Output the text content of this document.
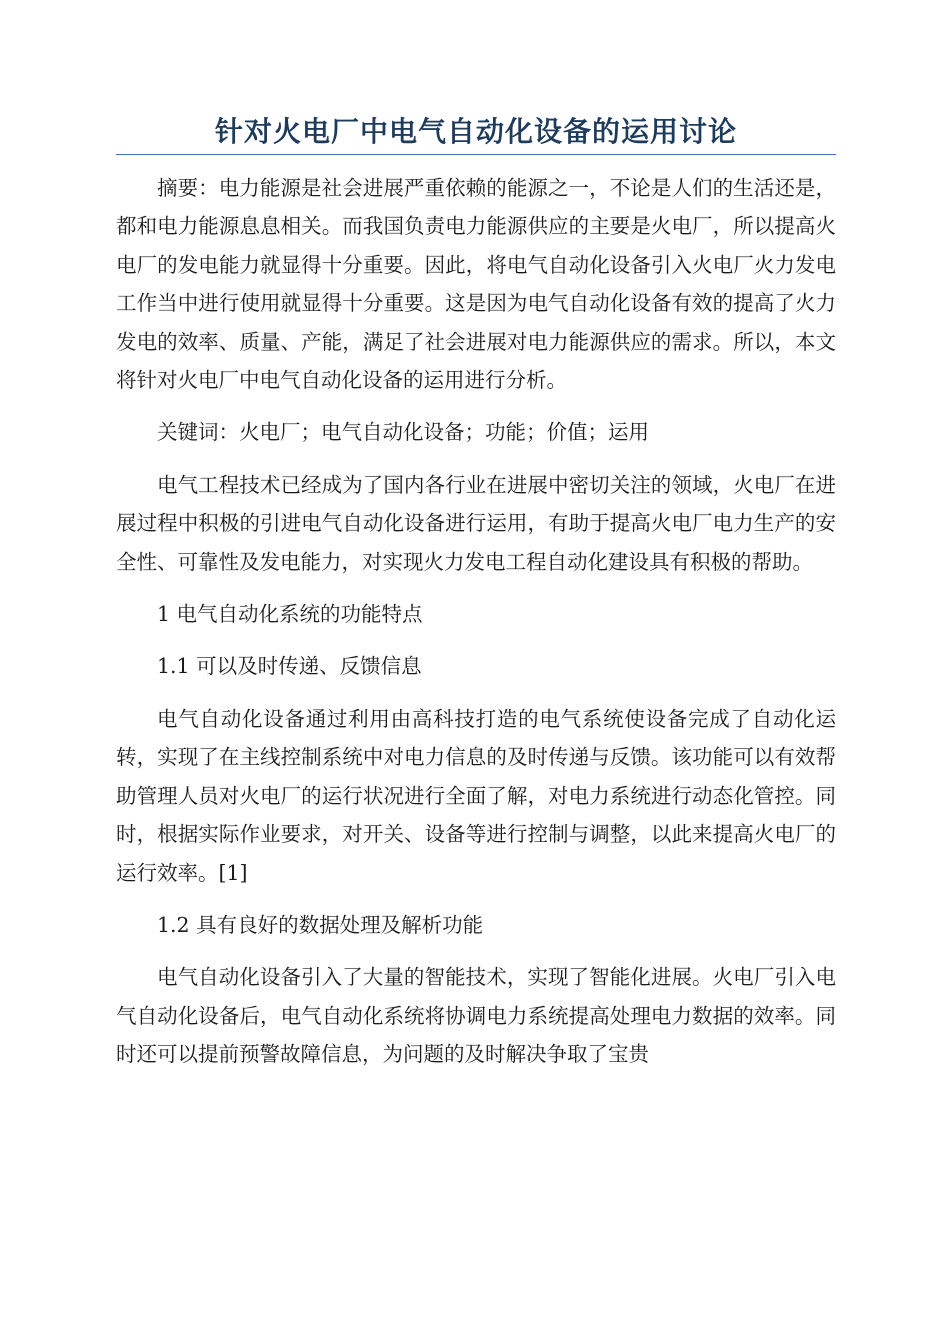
针对火电厂中电气自动化设备的运用讨论

摘要：电力能源是社会进展严重依赖的能源之一，不论是人们的生活还是，都和电力能源息息相关。而我国负责电力能源供应的主要是火电厂，所以提高火电厂的发电能力就显得十分重要。因此，将电气自动化设备引入火电厂火力发电工作当中进行使用就显得十分重要。这是因为电气自动化设备有效的提高了火力发电的效率、质量、产能，满足了社会进展对电力能源供应的需求。所以，本文将针对火电厂中电气自动化设备的运用进行分析。

关键词：火电厂；电气自动化设备；功能；价值；运用

电气工程技术已经成为了国内各行业在进展中密切关注的领域，火电厂在进展过程中积极的引进电气自动化设备进行运用，有助于提高火电厂电力生产的安全性、可靠性及发电能力，对实现火力发电工程自动化建设具有积极的帮助。

1 电气自动化系统的功能特点
1.1 可以及时传递、反馈信息

电气自动化设备通过利用由高科技打造的电气系统使设备完成了自动化运转，实现了在主线控制系统中对电力信息的及时传递与反馈。该功能可以有效帮助管理人员对火电厂的运行状况进行全面了解，对电力系统进行动态化管控。同时，根据实际作业要求，对开关、设备等进行控制与调整，以此来提高火电厂的运行效率。[1]

1.2 具有良好的数据处理及解析功能

电气自动化设备引入了大量的智能技术，实现了智能化进展。火电厂引入电气自动化设备后，电气自动化系统将协调电力系统提高处理电力数据的效率。同时还可以提前预警故障信息，为问题的及时解决争取了宝贵
